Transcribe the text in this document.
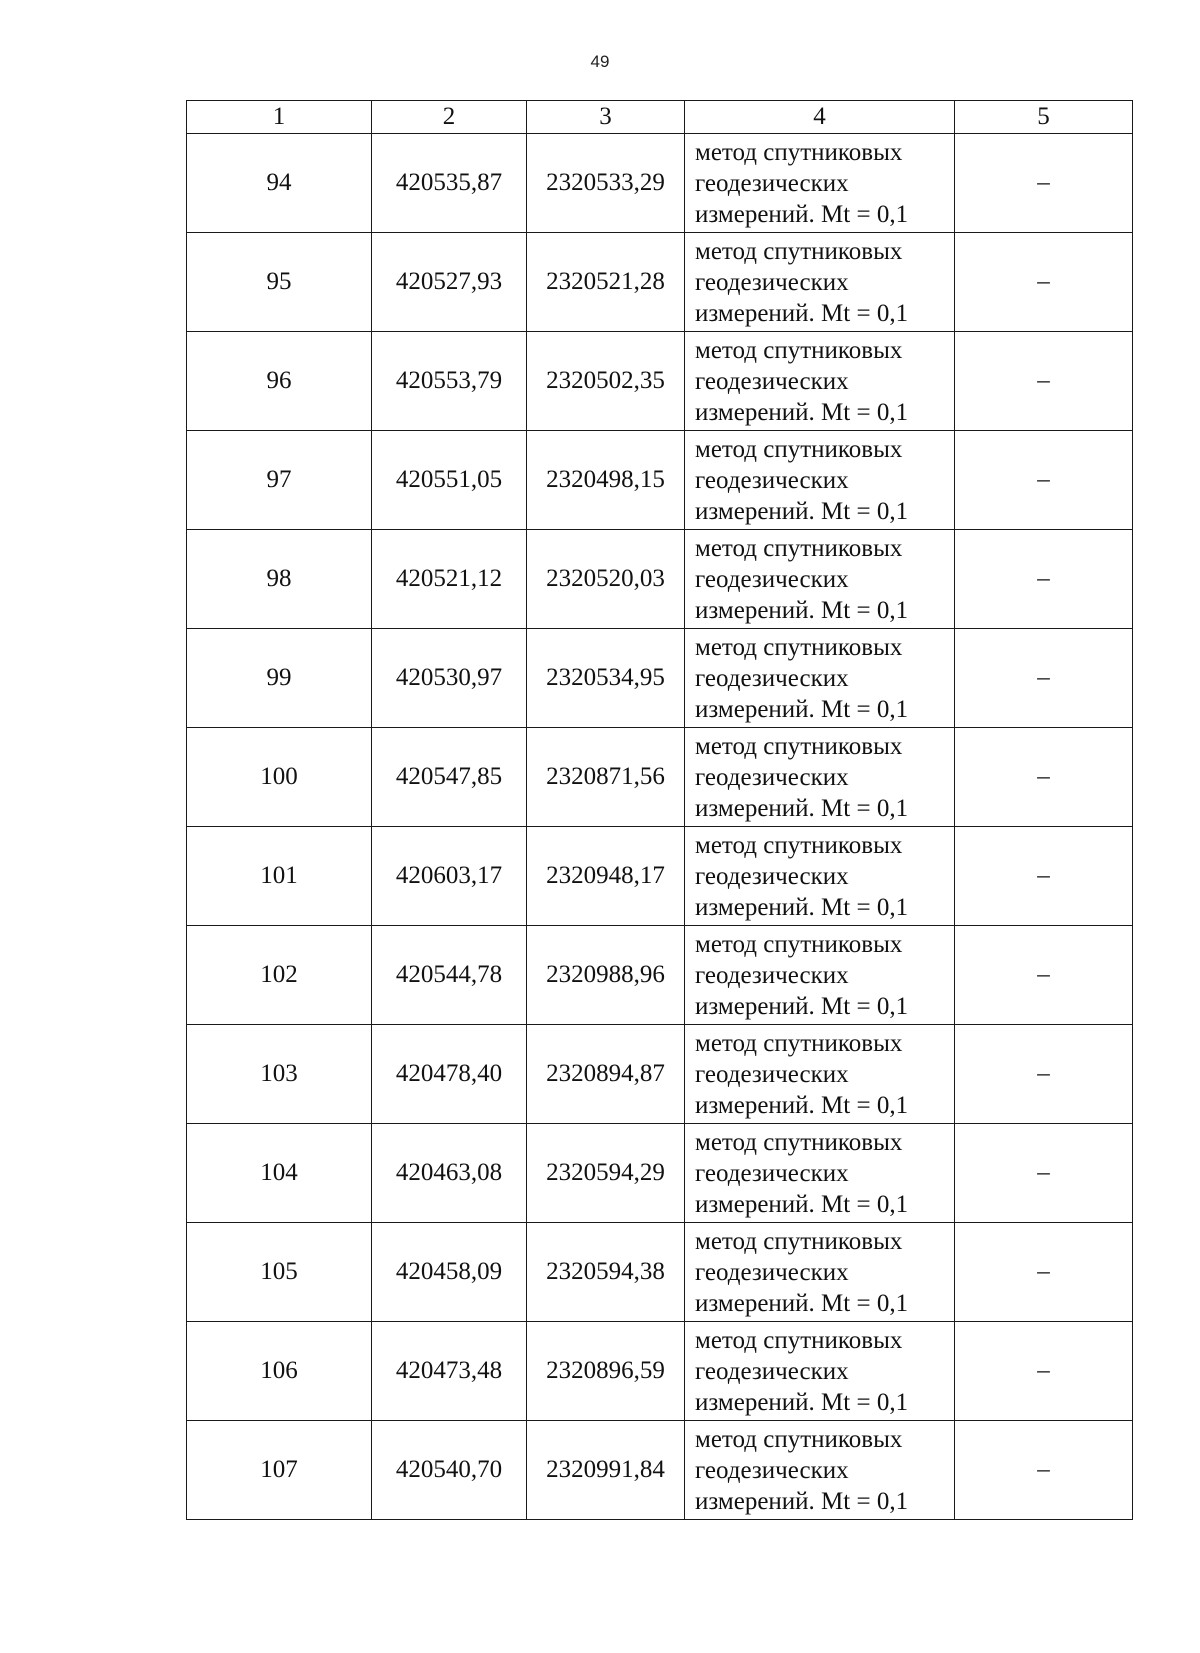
49
1	2	3	4	5
94	420535,87	2320533,29	метод спутниковых
геодезических
измерений. Mt = 0,1	–
95	420527,93	2320521,28	метод спутниковых
геодезических
измерений. Mt = 0,1	–
96	420553,79	2320502,35	метод спутниковых
геодезических
измерений. Mt = 0,1	–
97	420551,05	2320498,15	метод спутниковых
геодезических
измерений. Mt = 0,1	–
98	420521,12	2320520,03	метод спутниковых
геодезических
измерений. Mt = 0,1	–
99	420530,97	2320534,95	метод спутниковых
геодезических
измерений. Mt = 0,1	–
100	420547,85	2320871,56	метод спутниковых
геодезических
измерений. Mt = 0,1	–
101	420603,17	2320948,17	метод спутниковых
геодезических
измерений. Mt = 0,1	–
102	420544,78	2320988,96	метод спутниковых
геодезических
измерений. Mt = 0,1	–
103	420478,40	2320894,87	метод спутниковых
геодезических
измерений. Mt = 0,1	–
104	420463,08	2320594,29	метод спутниковых
геодезических
измерений. Mt = 0,1	–
105	420458,09	2320594,38	метод спутниковых
геодезических
измерений. Mt = 0,1	–
106	420473,48	2320896,59	метод спутниковых
геодезических
измерений. Mt = 0,1	–
107	420540,70	2320991,84	метод спутниковых
геодезических
измерений. Mt = 0,1	–
